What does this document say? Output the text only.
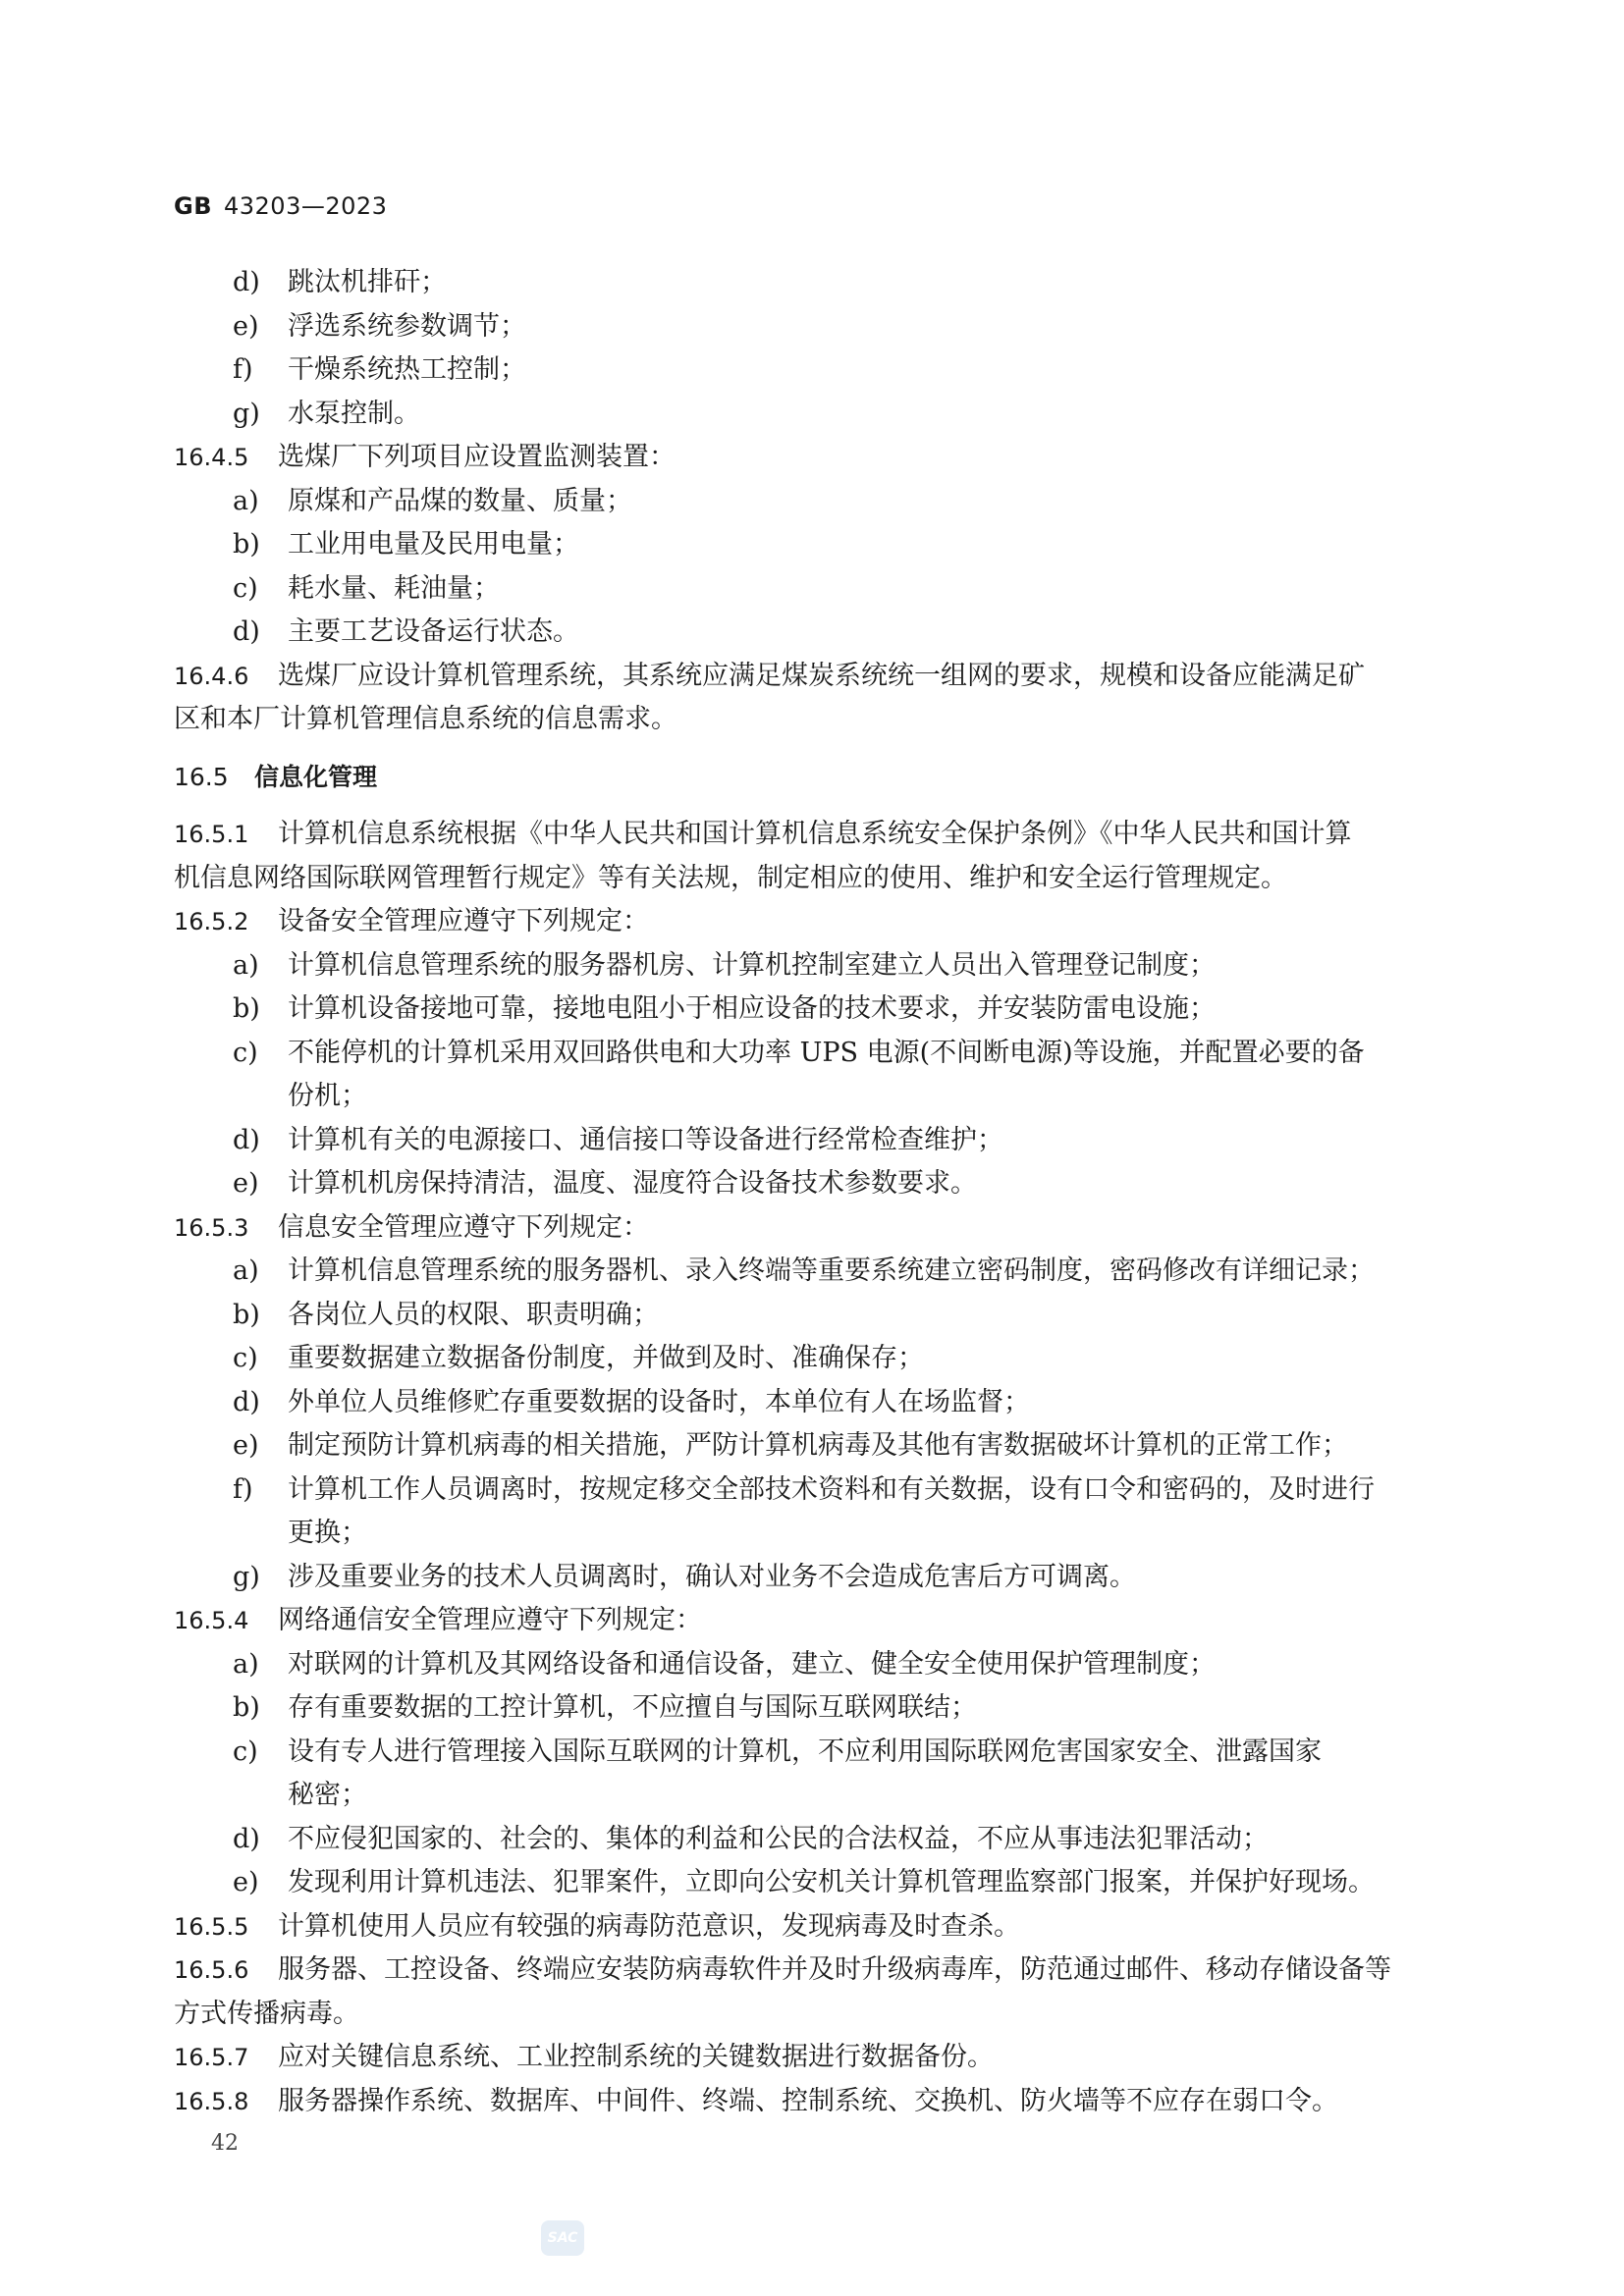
GB 43203—2023
d)	跳汰机排矸；
e)	浮选系统参数调节；
f)	干燥系统热工控制；
g)	水泵控制。
16.4.5 选煤厂下列项目应设置监测装置：
a)	原煤和产品煤的数量、质量；
b)	工业用电量及民用电量；
c)	耗水量、耗油量；
d)	主要工艺设备运行状态。
16.4.6 选煤厂应设计算机管理系统，其系统应满足煤炭系统统一组网的要求，规模和设备应能满足矿
区和本厂计算机管理信息系统的信息需求。
16.5 信息化管理
16.5.1 计算机信息系统根据《中华人民共和国计算机信息系统安全保护条例》《中华人民共和国计算
机信息网络国际联网管理暂行规定》等有关法规，制定相应的使用、维护和安全运行管理规定。
16.5.2 设备安全管理应遵守下列规定：
a)	计算机信息管理系统的服务器机房、计算机控制室建立人员出入管理登记制度；
b)	计算机设备接地可靠，接地电阻小于相应设备的技术要求，并安装防雷电设施；
c)	不能停机的计算机采用双回路供电和大功率 UPS 电源(不间断电源)等设施，并配置必要的备
份机；
d)	计算机有关的电源接口、通信接口等设备进行经常检查维护；
e)	计算机机房保持清洁，温度、湿度符合设备技术参数要求。
16.5.3 信息安全管理应遵守下列规定：
a)	计算机信息管理系统的服务器机、录入终端等重要系统建立密码制度，密码修改有详细记录；
b)	各岗位人员的权限、职责明确；
c)	重要数据建立数据备份制度，并做到及时、准确保存；
d)	外单位人员维修贮存重要数据的设备时，本单位有人在场监督；
e)	制定预防计算机病毒的相关措施，严防计算机病毒及其他有害数据破坏计算机的正常工作；
f)	计算机工作人员调离时，按规定移交全部技术资料和有关数据，设有口令和密码的，及时进行
更换；
g)	涉及重要业务的技术人员调离时，确认对业务不会造成危害后方可调离。
16.5.4 网络通信安全管理应遵守下列规定：
a)	对联网的计算机及其网络设备和通信设备，建立、健全安全使用保护管理制度；
b)	存有重要数据的工控计算机，不应擅自与国际互联网联结；
c)	设有专人进行管理接入国际互联网的计算机，不应利用国际联网危害国家安全、泄露国家
秘密；
d)	不应侵犯国家的、社会的、集体的利益和公民的合法权益，不应从事违法犯罪活动；
e)	发现利用计算机违法、犯罪案件，立即向公安机关计算机管理监察部门报案，并保护好现场。
16.5.5 计算机使用人员应有较强的病毒防范意识，发现病毒及时查杀。
16.5.6 服务器、工控设备、终端应安装防病毒软件并及时升级病毒库，防范通过邮件、移动存储设备等
方式传播病毒。
16.5.7 应对关键信息系统、工业控制系统的关键数据进行数据备份。
16.5.8 服务器操作系统、数据库、中间件、终端、控制系统、交换机、防火墙等不应存在弱口令。
42
SAC
